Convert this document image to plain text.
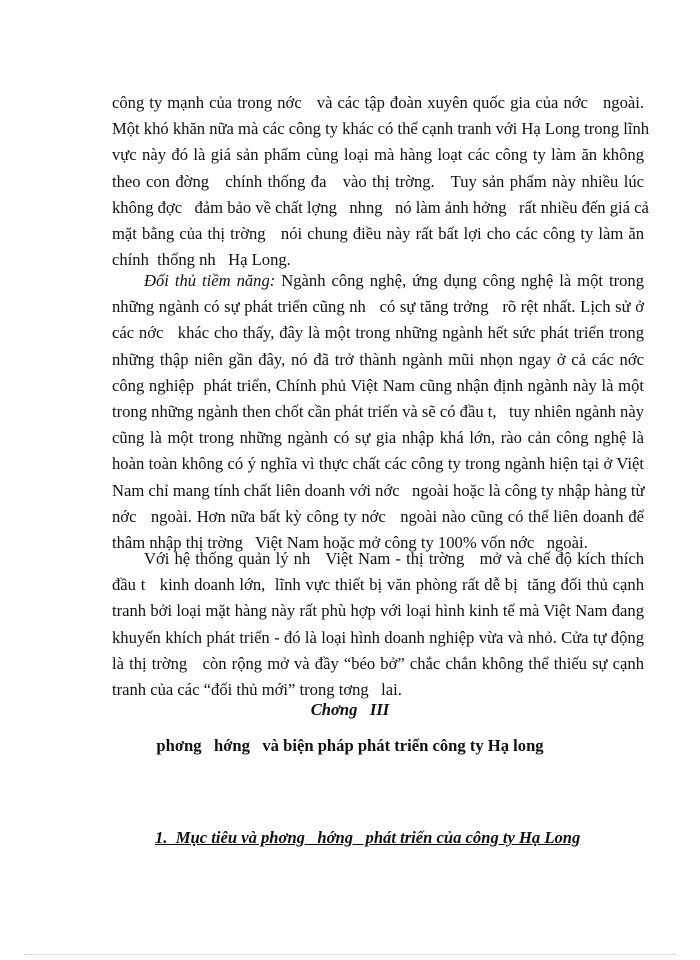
công ty mạnh của trong nớc   và các tập đoàn xuyên quốc gia của nớc   ngoài.
Một khó khăn nữa mà các công ty khác có thể cạnh tranh với Hạ Long trong lĩnh
vực này đó là giá sản phẩm cùng loại mà hàng loạt các công ty làm ăn không
theo con đờng   chính thống đa   vào thị trờng.   Tuy sản phẩm này nhiều lúc
không đợc   đảm bảo về chất lợng   nhng   nó làm ảnh hởng   rất nhiều đến giá cả
mặt bằng của thị trờng   nói chung điều này rất bất lợi cho các công ty làm ăn
chính  thống nh   Hạ Long.
Đối thủ tiềm năng: Ngành công nghệ, ứng dụng công nghệ là một trong
những ngành có sự phát triển cũng nh   có sự tăng trởng   rõ rệt nhất. Lịch sử ở
các nớc   khác cho thấy, đây là một trong những ngành hết sức phát triển trong
những thập niên gần đây, nó đã trở thành ngành mũi nhọn ngay ở cả các nớc
công nghiệp  phát triển, Chính phủ Việt Nam cũng nhận định ngành này là một
trong những ngành then chốt cần phát triển và sẽ có đầu t,   tuy nhiên ngành này
cũng là một trong những ngành có sự gia nhập khá lớn, rào cản công nghệ là
hoàn toàn không có ý nghĩa vì thực chất các công ty trong ngành hiện tại ở Việt
Nam chỉ mang tính chất liên doanh với nớc   ngoài hoặc là công ty nhập hàng từ
nớc   ngoài. Hơn nữa bất kỳ công ty nớc   ngoài nào cũng có thể liên doanh để
thâm nhập thị trờng   Việt Nam hoặc mở công ty 100% vốn nớc   ngoài.
Với hệ thống quản lý nh   Việt Nam - thị trờng   mở và chế độ kích thích
đầu t   kinh doanh lớn,  lĩnh vực thiết bị văn phòng rất dễ bị  tăng đối thủ cạnh
tranh bởi loại mặt hàng này rất phù hợp với loại hình kinh tế mà Việt Nam đang
khuyến khích phát triển - đó là loại hình doanh nghiệp vừa và nhỏ. Cửa tự động
là thị trờng   còn rộng mở và đầy “béo bở” chắc chắn không thể thiếu sự cạnh
tranh của các “đối thủ mới” trong tơng   lai.
Chơng   III
phơng   hớng   và biện pháp phát triển công ty Hạ long
1.  Mục tiêu và phơng   hớng   phát triển của công ty Hạ Long
